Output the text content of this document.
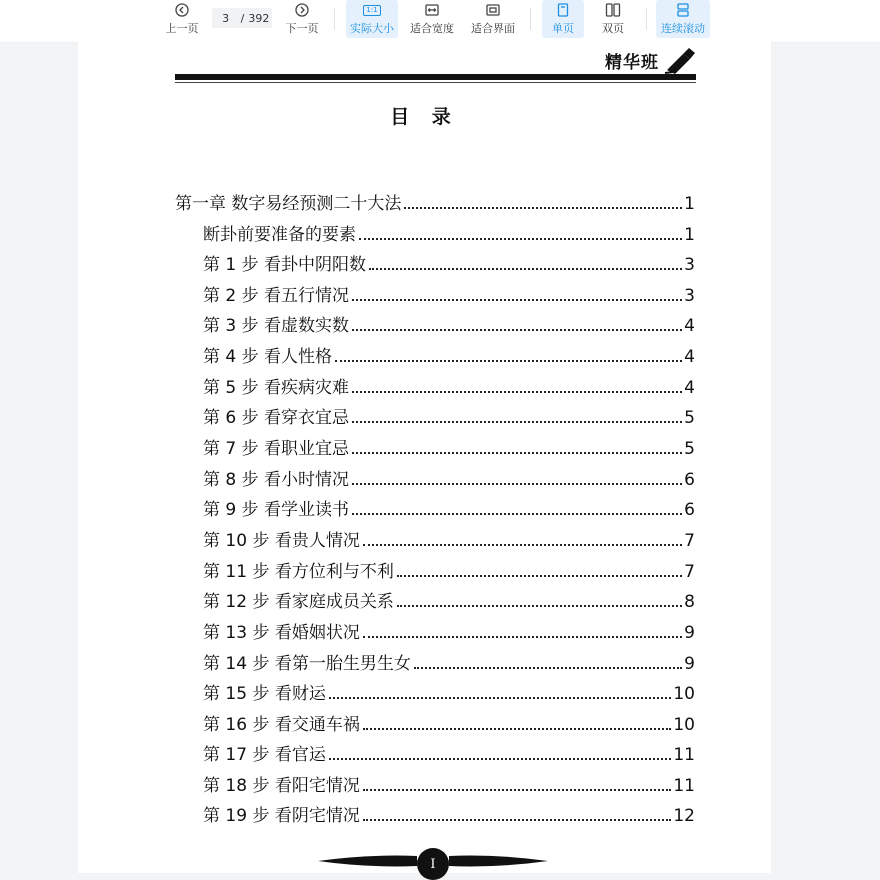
上一页
3
/ 392
下一页
1:1
实际大小 适合宽度 适合界面	单页	双页	连续滚动
精华班
目 录
第一章 数字易经预测二十大法	1
断卦前要准备的要素	1
第 1 步 看卦中阴阳数	3
第 2 步 看五行情况	3
第 3 步 看虚数实数	4
第 4 步 看人性格	4
第 5 步 看疾病灾难	4
第 6 步 看穿衣宜忌	5
第 7 步 看职业宜忌	5
第 8 步 看小时情况	6
第 9 步 看学业读书	6
第 10 步 看贵人情况	7
第 11 步 看方位利与不利	7
第 12 步 看家庭成员关系	8
第 13 步 看婚姻状况	9
第 14 步 看第一胎生男生女	9
第 15 步 看财运	10
第 16 步 看交通车祸	10
第 17 步 看官运	11
第 18 步 看阳宅情况	11
第 19 步 看阴宅情况	12
I
